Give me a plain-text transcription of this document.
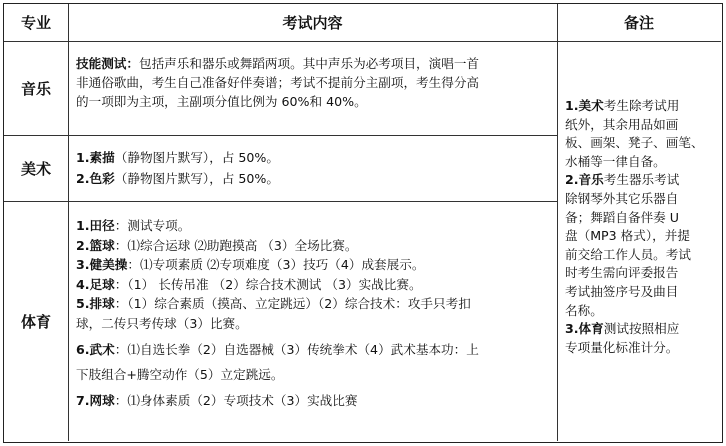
专业	考试内容	备注
音乐
技能测试：包括声乐和器乐或舞蹈两项。其中声乐为必考项目，演唱一首
非通俗歌曲，考生自己准备好伴奏谱；考试不提前分主副项，考生得分高
的一项即为主项，主副项分值比例为 60%和 40%。
美术
1.素描（静物图片默写），占 50%。
2.色彩（静物图片默写），占 50%。
体育
1.田径：测试专项。
2.篮球：⑴综合运球 ⑵助跑摸高 （3）全场比赛。
3.健美操：⑴专项素质 ⑵专项难度（3）技巧（4）成套展示。
4.足球：（1） 长传吊准 （2）综合技术测试 （3）实战比赛。
5.排球：（1）综合素质（摸高、立定跳远）（2）综合技术：攻手只考扣
球，二传只考传球（3）比赛。
6.武术：⑴自选长拳（2）自选器械（3）传统拳术（4）武术基本功：上
下肢组合+腾空动作（5）立定跳远。
7.网球：⑴身体素质（2）专项技术（3）实战比赛
1.美术考生除考试用
纸外，其余用品如画
板、画架、凳子、画笔、
水桶等一律自备。
2.音乐考生器乐考试
除钢琴外其它乐器自
备；舞蹈自备伴奏 U
盘（MP3 格式），并提
前交给工作人员。考试
时考生需向评委报告
考试抽签序号及曲目
名称。
3.体育测试按照相应
专项量化标准计分。
